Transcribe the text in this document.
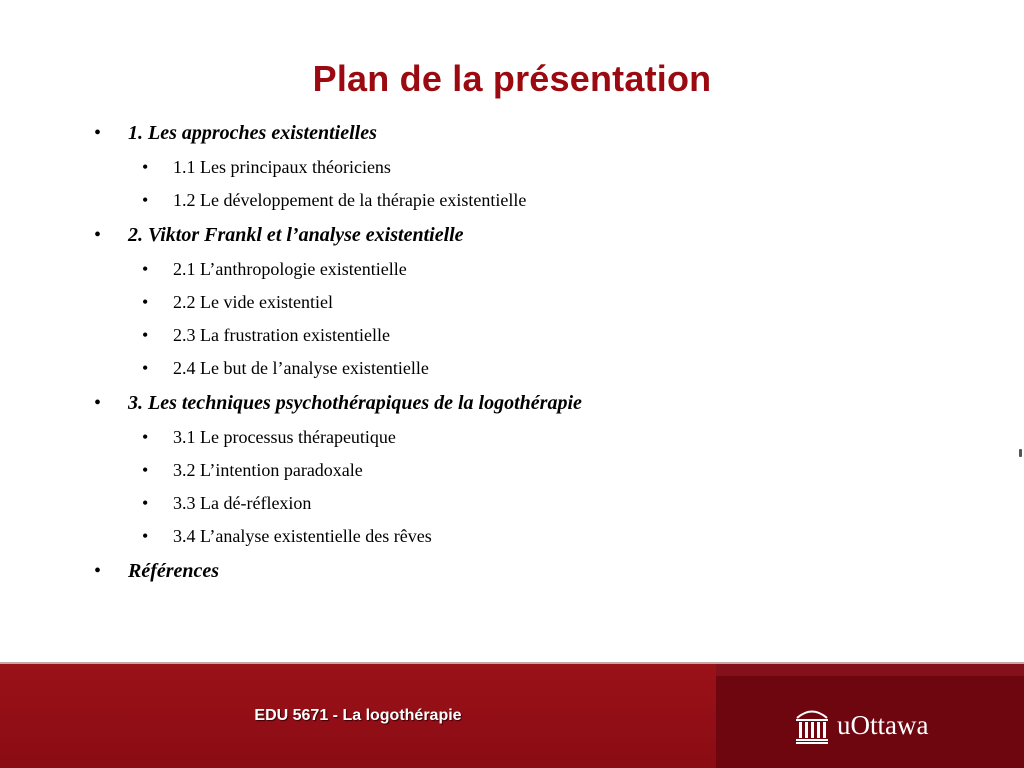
Plan de la présentation
• 1. Les approches existentielles
• 1.1 Les principaux théoriciens
• 1.2 Le développement de la thérapie existentielle
• 2. Viktor Frankl et l’analyse existentielle
• 2.1 L’anthropologie existentielle
• 2.2 Le vide existentiel
• 2.3 La frustration existentielle
• 2.4 Le but de l’analyse existentielle
• 3. Les techniques psychothérapiques de la logothérapie
• 3.1 Le processus thérapeutique
• 3.2 L’intention paradoxale
• 3.3 La dé-réflexion
• 3.4 L’analyse existentielle des rêves
• Références
EDU 5671 - La logothérapie	uOttawa
